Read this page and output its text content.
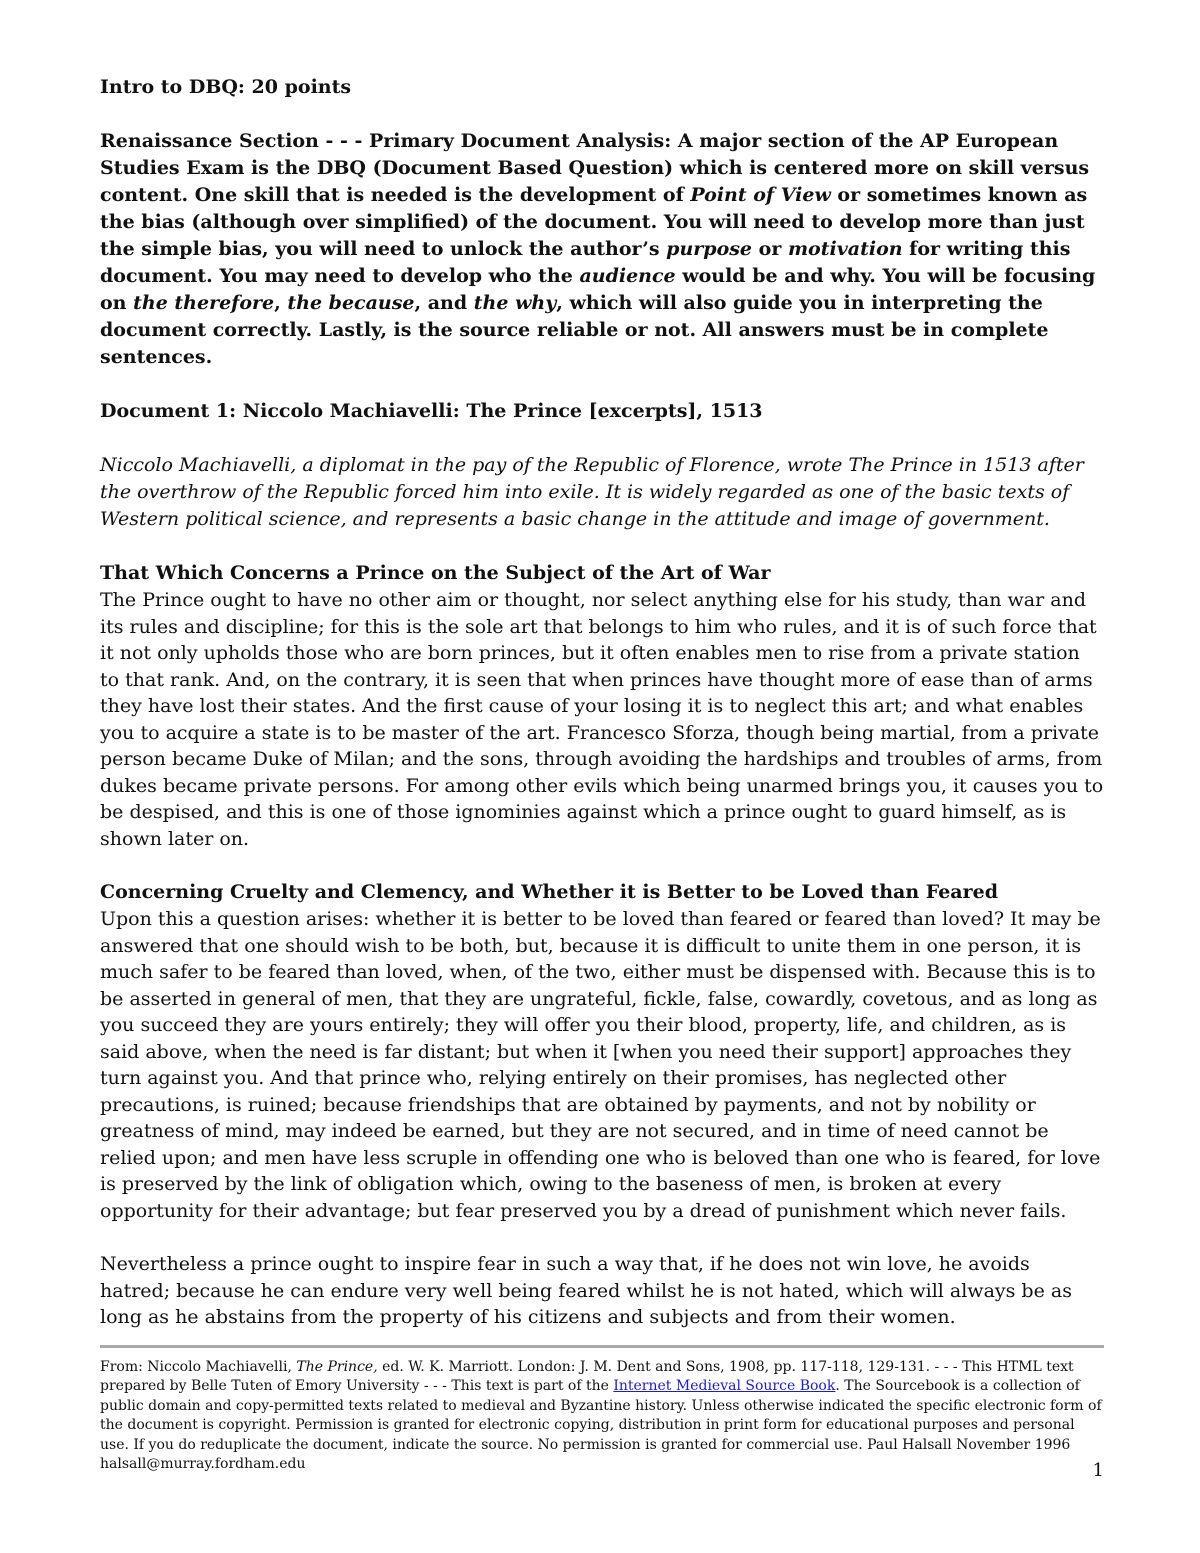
Intro to DBQ: 20 points

Renaissance Section - - - Primary Document Analysis: A major section of the AP European Studies Exam is the DBQ (Document Based Question) which is centered more on skill versus content. One skill that is needed is the development of Point of View or sometimes known as the bias (although over simplified) of the document. You will need to develop more than just the simple bias, you will need to unlock the author’s purpose or motivation for writing this document. You may need to develop who the audience would be and why. You will be focusing on the therefore, the because, and the why, which will also guide you in interpreting the document correctly. Lastly, is the source reliable or not. All answers must be in complete sentences.

Document 1: Niccolo Machiavelli: The Prince [excerpts], 1513

Niccolo Machiavelli, a diplomat in the pay of the Republic of Florence, wrote The Prince in 1513 after the overthrow of the Republic forced him into exile. It is widely regarded as one of the basic texts of Western political science, and represents a basic change in the attitude and image of government.

That Which Concerns a Prince on the Subject of the Art of War

The Prince ought to have no other aim or thought, nor select anything else for his study, than war and its rules and discipline; for this is the sole art that belongs to him who rules, and it is of such force that it not only upholds those who are born princes, but it often enables men to rise from a private station to that rank. And, on the contrary, it is seen that when princes have thought more of ease than of arms they have lost their states. And the first cause of your losing it is to neglect this art; and what enables you to acquire a state is to be master of the art. Francesco Sforza, though being martial, from a private person became Duke of Milan; and the sons, through avoiding the hardships and troubles of arms, from dukes became private persons. For among other evils which being unarmed brings you, it causes you to be despised, and this is one of those ignominies against which a prince ought to guard himself, as is shown later on.

Concerning Cruelty and Clemency, and Whether it is Better to be Loved than Feared

Upon this a question arises: whether it is better to be loved than feared or feared than loved? It may be answered that one should wish to be both, but, because it is difficult to unite them in one person, it is much safer to be feared than loved, when, of the two, either must be dispensed with. Because this is to be asserted in general of men, that they are ungrateful, fickle, false, cowardly, covetous, and as long as you succeed they are yours entirely; they will offer you their blood, property, life, and children, as is said above, when the need is far distant; but when it [when you need their support] approaches they turn against you. And that prince who, relying entirely on their promises, has neglected other precautions, is ruined; because friendships that are obtained by payments, and not by nobility or greatness of mind, may indeed be earned, but they are not secured, and in time of need cannot be relied upon; and men have less scruple in offending one who is beloved than one who is feared, for love is preserved by the link of obligation which, owing to the baseness of men, is broken at every opportunity for their advantage; but fear preserved you by a dread of punishment which never fails.

Nevertheless a prince ought to inspire fear in such a way that, if he does not win love, he avoids hatred; because he can endure very well being feared whilst he is not hated, which will always be as long as he abstains from the property of his citizens and subjects and from their women.

From: Niccolo Machiavelli, The Prince, ed. W. K. Marriott. London: J. M. Dent and Sons, 1908, pp. 117-118, 129-131. - - - This HTML text prepared by Belle Tuten of Emory University - - - This text is part of the Internet Medieval Source Book. The Sourcebook is a collection of public domain and copy-permitted texts related to medieval and Byzantine history. Unless otherwise indicated the specific electronic form of the document is copyright. Permission is granted for electronic copying, distribution in print form for educational purposes and personal use. If you do reduplicate the document, indicate the source. No permission is granted for commercial use. Paul Halsall November 1996 halsall@murray.fordham.edu	1
